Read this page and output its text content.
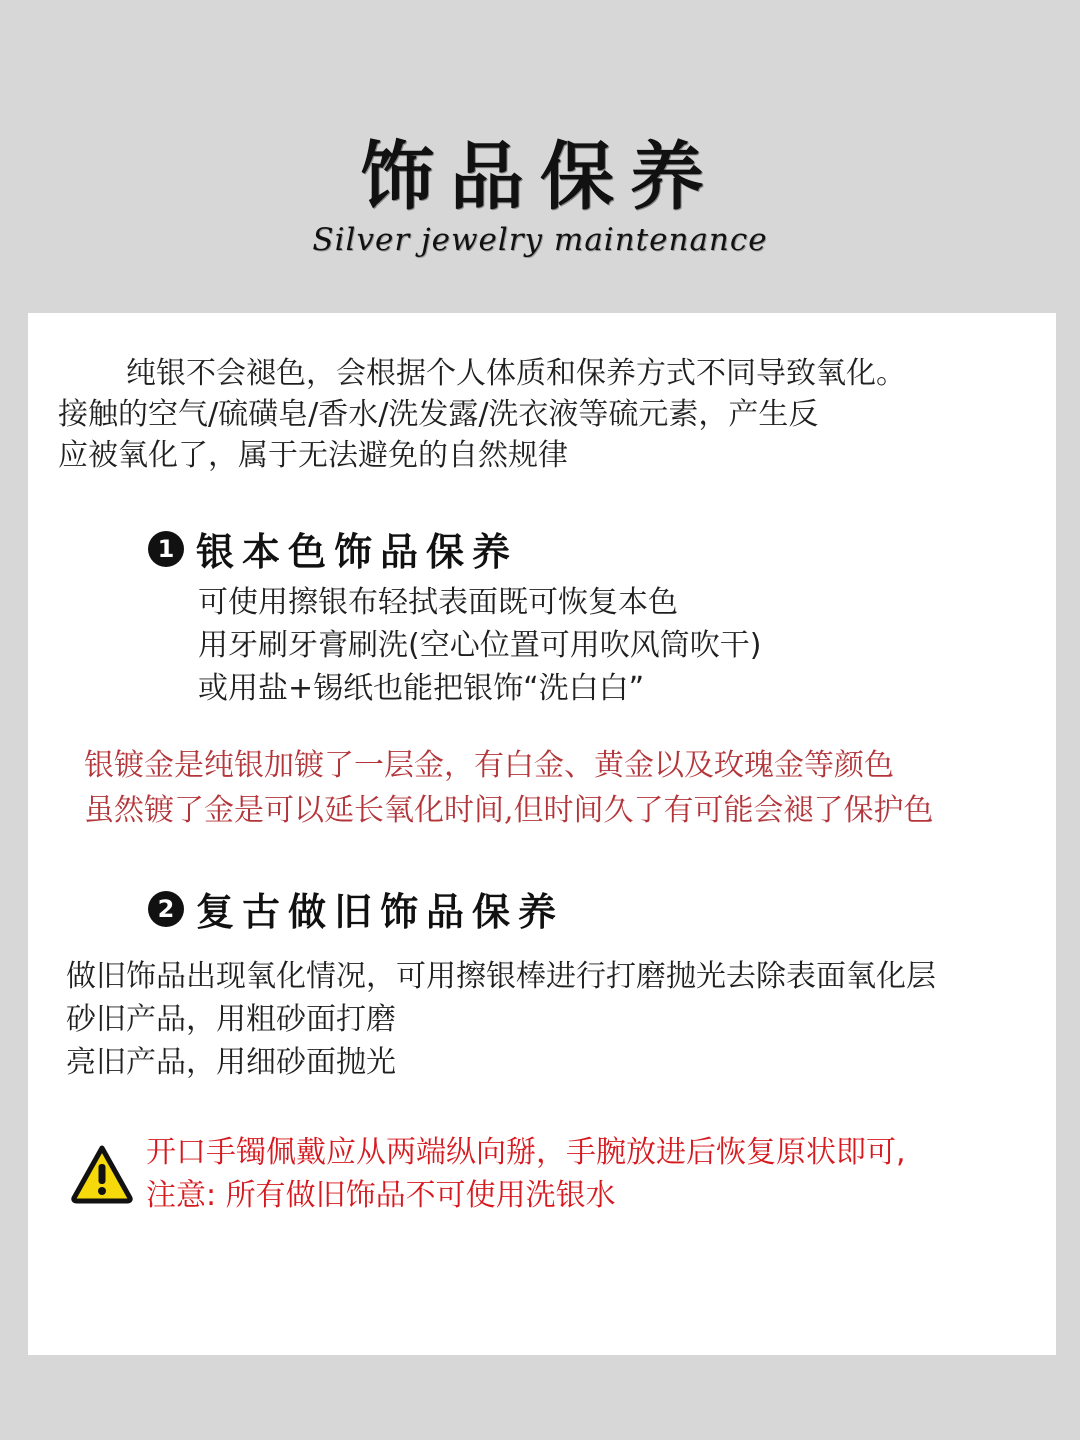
饰品保养
Silver jewelry maintenance
纯银不会褪色，会根据个人体质和保养方式不同导致氧化。
接触的空气/硫磺皂/香水/洗发露/洗衣液等硫元素，产生反
应被氧化了，属于无法避免的自然规律
1 银本色饰品保养
可使用擦银布轻拭表面既可恢复本色
用牙刷牙膏刷洗(空心位置可用吹风筒吹干)
或用盐+锡纸也能把银饰“洗白白”
银镀金是纯银加镀了一层金，有白金、黄金以及玫瑰金等颜色
虽然镀了金是可以延长氧化时间,但时间久了有可能会褪了保护色
2 复古做旧饰品保养
做旧饰品出现氧化情况，可用擦银棒进行打磨抛光去除表面氧化层
砂旧产品，用粗砂面打磨
亮旧产品，用细砂面抛光
开口手镯佩戴应从两端纵向掰，手腕放进后恢复原状即可,
注意: 所有做旧饰品不可使用洗银水
